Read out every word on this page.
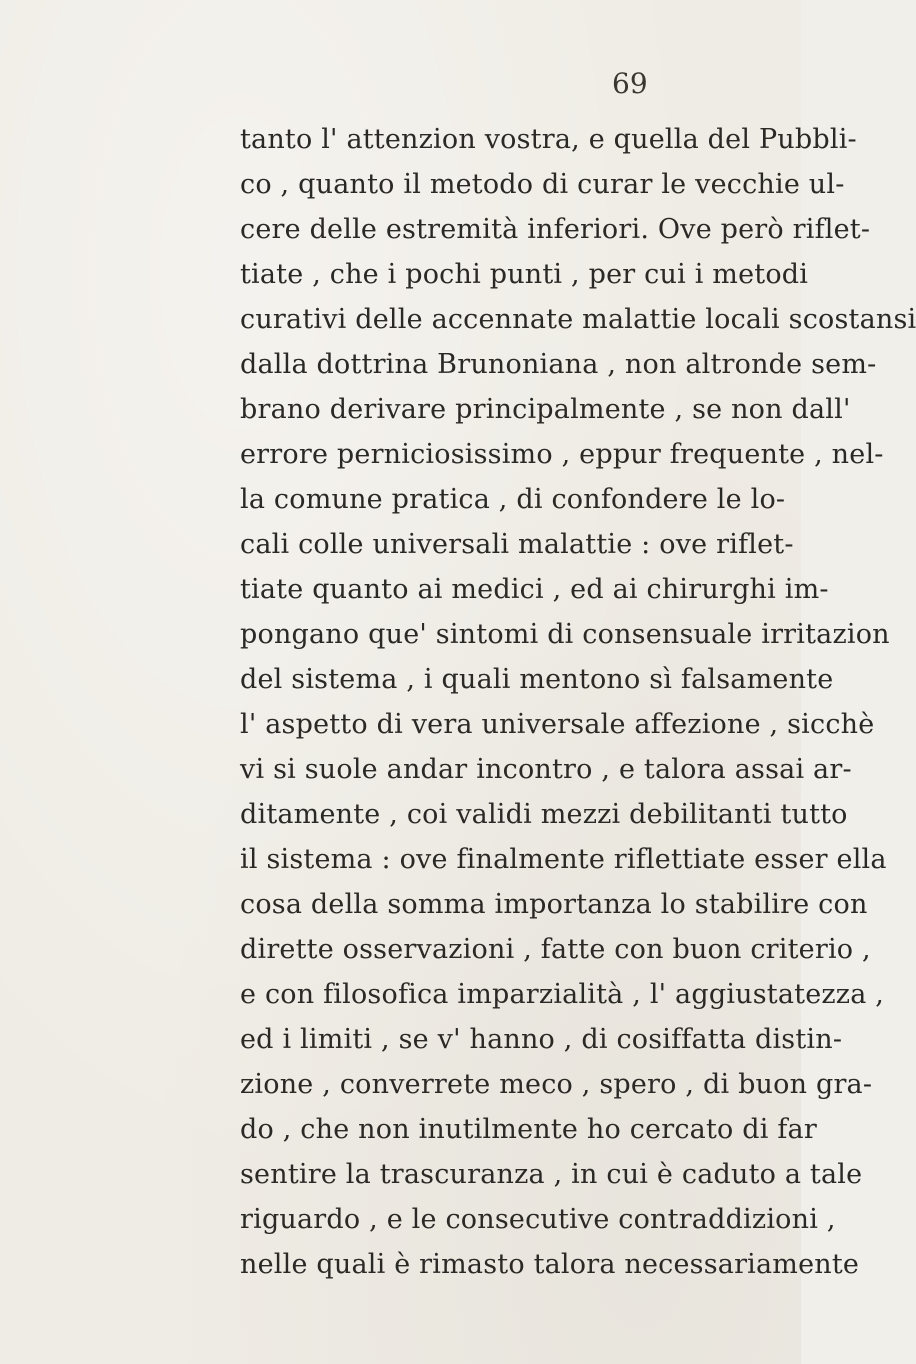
69
tanto l' attenzion vostra, e quella del Pubbli-
co , quanto il metodo di curar le vecchie ul-
cere delle estremità inferiori. Ove però riflet-
tiate , che i pochi punti , per cui i metodi
curativi delle accennate malattie locali scostansi
dalla dottrina Brunoniana , non altronde sem-
brano derivare principalmente , se non dall'
errore perniciosissimo , eppur frequente , nel-
la comune pratica , di confondere le lo-
cali colle universali malattie : ove riflet-
tiate quanto ai medici , ed ai chirurghi im-
pongano que' sintomi di consensuale irritazion
del sistema , i quali mentono sì falsamente
l' aspetto di vera universale affezione , sicchè
vi si suole andar incontro , e talora assai ar-
ditamente , coi validi mezzi debilitanti tutto
il sistema : ove finalmente riflettiate esser ella
cosa della somma importanza lo stabilire con
dirette osservazioni , fatte con buon criterio ,
e con filosofica imparzialità , l' aggiustatezza ,
ed i limiti , se v' hanno , di cosiffatta distin-
zione , converrete meco , spero , di buon gra-
do , che non inutilmente ho cercato di far
sentire la trascuranza , in cui è caduto a tale
riguardo , e le consecutive contraddizioni ,
nelle quali è rimasto talora necessariamente
